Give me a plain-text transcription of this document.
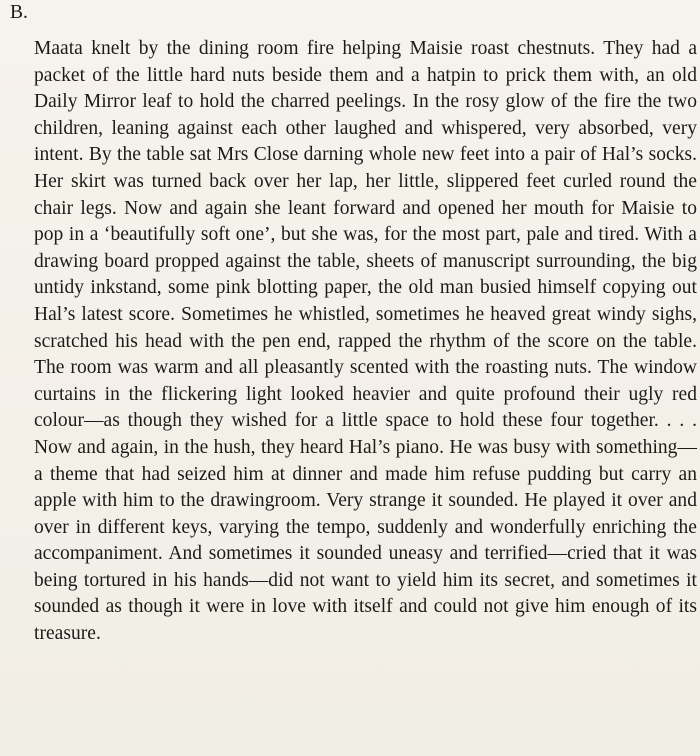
B.

Maata knelt by the dining room fire helping Maisie roast chestnuts. They had a packet of the little hard nuts beside them and a hatpin to prick them with, an old Daily Mirror leaf to hold the charred peelings. In the rosy glow of the fire the two children, leaning against each other laughed and whispered, very absorbed, very intent. By the table sat Mrs Close darning whole new feet into a pair of Hal’s socks. Her skirt was turned back over her lap, her little, slippered feet curled round the chair legs. Now and again she leant forward and opened her mouth for Maisie to pop in a ‘beautifully soft one’, but she was, for the most part, pale and tired. With a drawing board propped against the table, sheets of manuscript surrounding, the big untidy inkstand, some pink blotting paper, the old man busied himself copying out Hal’s latest score. Sometimes he whistled, sometimes he heaved great windy sighs, scratched his head with the pen end, rapped the rhythm of the score on the table. The room was warm and all pleasantly scented with the roasting nuts. The window curtains in the flickering light looked heavier and quite profound their ugly red colour—as though they wished for a little space to hold these four together. . . . Now and again, in the hush, they heard Hal’s piano. He was busy with something—a theme that had seized him at dinner and made him refuse pudding but carry an apple with him to the drawingroom. Very strange it sounded. He played it over and over in different keys, varying the tempo, suddenly and wonderfully enriching the accompaniment. And sometimes it sounded uneasy and terrified—cried that it was being tortured in his hands—did not want to yield him its secret, and sometimes it sounded as though it were in love with itself and could not give him enough of its treasure.
